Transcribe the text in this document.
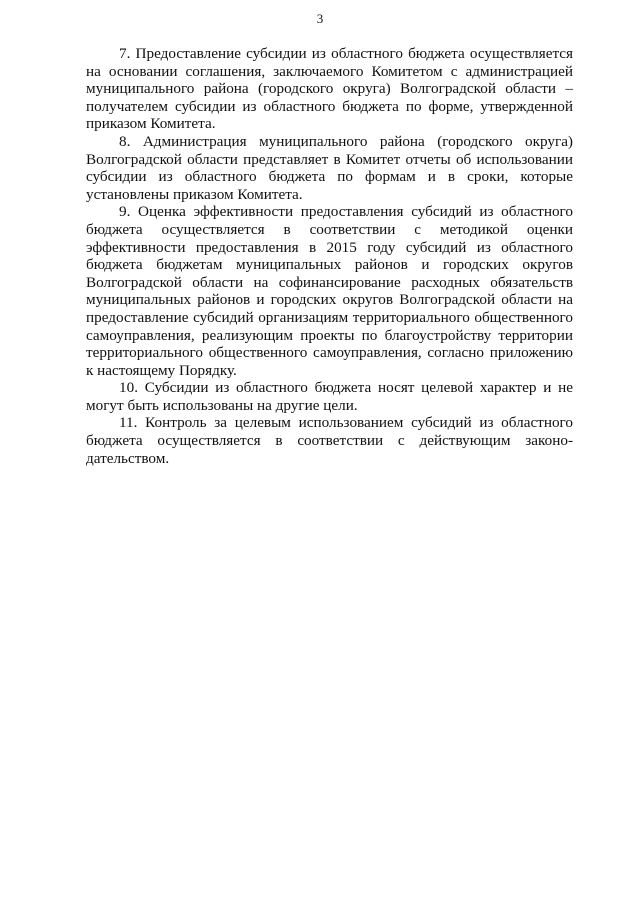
3

7. Предоставление субсидии из областного бюджета осуществляется на основании соглашения, заключаемого Комитетом с администрацией муниципального района (городского округа) Волгоградской области – получателем субсидии из областного бюджета по форме, утвержденной приказом Комитета.

8. Администрация муниципального района (городского округа) Волгоградской области представляет в Комитет отчеты об использовании субсидии из областного бюджета по формам и в сроки, которые установлены приказом Комитета.

9. Оценка эффективности предоставления субсидий из областного бюджета осуществляется в соответствии с методикой оценки эффективности предоставления в 2015 году субсидий из областного бюджета бюджетам муниципальных районов и городских округов Волгоградской области на софинансирование расходных обязательств муниципальных районов и городских округов Волгоградской области на предоставление субсидий организациям территориального общественного самоуправления, реализующим проекты по благоустройству территории территориального общественного самоуправления, согласно приложению к настоящему Порядку.

10. Субсидии из областного бюджета носят целевой характер и не могут быть использованы на другие цели.

11. Контроль за целевым использованием субсидий из областного бюджета осуществляется в соответствии с действующим законодательством.
